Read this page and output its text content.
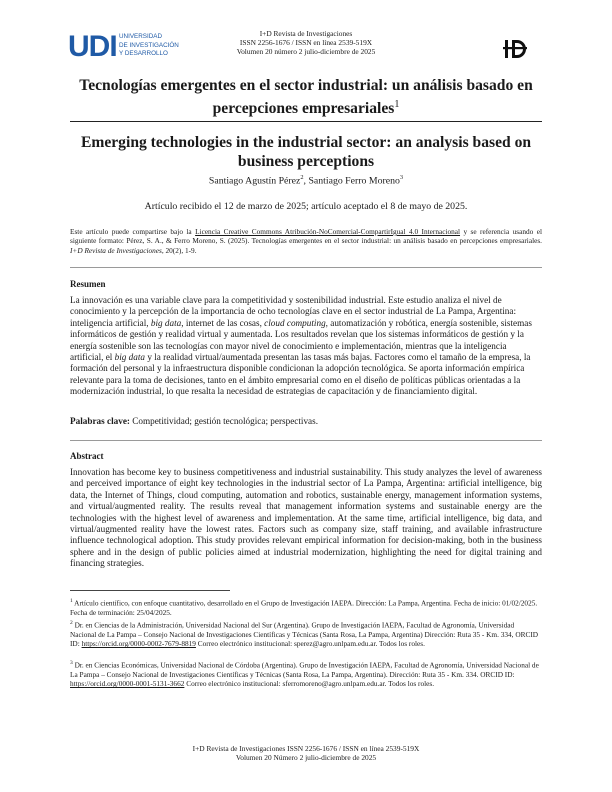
UDI UNIVERSIDAD
DE INVESTIGACIÓN
Y DESARROLLO
I+D Revista de Investigaciones
ISSN 2256-1676 / ISSN en línea 2539-519X
Volumen 20 número 2 julio-diciembre de 2025
Tecnologías emergentes en el sector industrial: un análisis basado en percepciones empresariales$^1$
Emerging technologies in the industrial sector: an analysis based on business perceptions
Santiago Agustín Pérez$^2$, Santiago Ferro Moreno$^3$
Artículo recibido el 12 de marzo de 2025; artículo aceptado el 8 de mayo de 2025.
Este artículo puede compartirse bajo la Licencia Creative Commons Atribución-NoComercial-CompartirIgual 4.0 Internacional y se referencia usando el siguiente formato: Pérez, S. A., & Ferro Moreno, S. (2025). Tecnologías emergentes en el sector industrial: un análisis basado en percepciones empresariales. I+D Revista de Investigaciones, 20(2), 1-9.
Resumen
La innovación es una variable clave para la competitividad y sostenibilidad industrial. Este estudio analiza el nivel de conocimiento y la percepción de la importancia de ocho tecnologías clave en el sector industrial de La Pampa, Argentina: inteligencia artificial, big data, internet de las cosas, cloud computing, automatización y robótica, energía sostenible, sistemas informáticos de gestión y realidad virtual y aumentada. Los resultados revelan que los sistemas informáticos de gestión y la energía sostenible son las tecnologías con mayor nivel de conocimiento e implementación, mientras que la inteligencia artificial, el big data y la realidad virtual/aumentada presentan las tasas más bajas. Factores como el tamaño de la empresa, la formación del personal y la infraestructura disponible condicionan la adopción tecnológica. Se aporta información empírica relevante para la toma de decisiones, tanto en el ámbito empresarial como en el diseño de políticas públicas orientadas a la modernización industrial, lo que resalta la necesidad de estrategias de capacitación y de financiamiento digital.
Palabras clave: Competitividad; gestión tecnológica; perspectivas.
Abstract
Innovation has become key to business competitiveness and industrial sustainability. This study analyzes the level of awareness and perceived importance of eight key technologies in the industrial sector of La Pampa, Argentina: artificial intelligence, big data, the Internet of Things, cloud computing, automation and robotics, sustainable energy, management information systems, and virtual/augmented reality. The results reveal that management information systems and sustainable energy are the technologies with the highest level of awareness and implementation. At the same time, artificial intelligence, big data, and virtual/augmented reality have the lowest rates. Factors such as company size, staff training, and available infrastructure influence technological adoption. This study provides relevant empirical information for decision-making, both in the business sphere and in the design of public policies aimed at industrial modernization, highlighting the need for digital training and financing strategies.
$^1$ Artículo científico, con enfoque cuantitativo, desarrollado en el Grupo de Investigación IAEPA. Dirección: La Pampa, Argentina. Fecha de inicio: 01/02/2025. Fecha de terminación: 25/04/2025.
$^2$ Dr. en Ciencias de la Administración, Universidad Nacional del Sur (Argentina). Grupo de Investigación IAEPA, Facultad de Agronomía, Universidad Nacional de La Pampa – Consejo Nacional de Investigaciones Científicas y Técnicas (Santa Rosa, La Pampa, Argentina) Dirección: Ruta 35 - Km. 334, ORCID ID: https://orcid.org/0000-0002-7679-8819 Correo electrónico institucional: sperez@agro.unlpam.edu.ar. Todos los roles.
$^3$ Dr. en Ciencias Económicas, Universidad Nacional de Córdoba (Argentina). Grupo de Investigación IAEPA, Facultad de Agronomía, Universidad Nacional de La Pampa – Consejo Nacional de Investigaciones Científicas y Técnicas (Santa Rosa, La Pampa, Argentina). Dirección: Ruta 35 - Km. 334. ORCID ID: https://orcid.org/0000-0001-5131-3662 Correo electrónico institucional: sferromoreno@agro.unlpam.edu.ar. Todos los roles.
I+D Revista de Investigaciones ISSN 2256-1676 / ISSN en línea 2539-519X
Volumen 20 Número 2 julio-diciembre de 2025
